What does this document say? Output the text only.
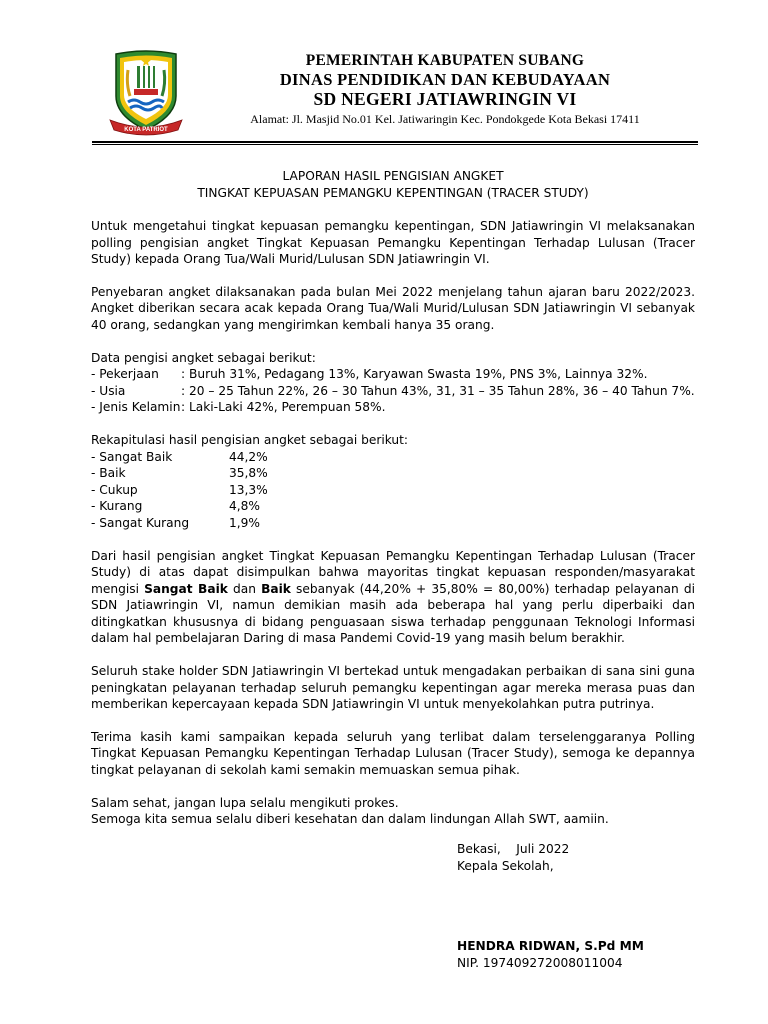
KOTA PATRIOT
PEMERINTAH KABUPATEN SUBANG
DINAS PENDIDIKAN DAN KEBUDAYAAN
SD NEGERI JATIAWRINGIN VI
Alamat: Jl. Masjid No.01 Kel. Jatiwaringin Kec. Pondokgede Kota Bekasi 17411
LAPORAN HASIL PENGISIAN ANGKET
TINGKAT KEPUASAN PEMANGKU KEPENTINGAN (TRACER STUDY)
Untuk mengetahui tingkat kepuasan pemangku kepentingan, SDN Jatiawringin VI melaksanakan polling pengisian angket Tingkat Kepuasan Pemangku Kepentingan Terhadap Lulusan (Tracer Study) kepada Orang Tua/Wali Murid/Lulusan SDN Jatiawringin VI.
Penyebaran angket dilaksanakan pada bulan Mei 2022 menjelang tahun ajaran baru 2022/2023. Angket diberikan secara acak kepada Orang Tua/Wali Murid/Lulusan SDN Jatiawringin VI sebanyak 40 orang, sedangkan yang mengirimkan kembali hanya 35 orang.
Data pengisi angket sebagai berikut:
- Pekerjaan	: Buruh 31%, Pedagang 13%, Karyawan Swasta 19%, PNS 3%, Lainnya 32%.
- Usia	: 20 – 25 Tahun 22%, 26 – 30 Tahun 43%, 31, 31 – 35 Tahun 28%, 36 – 40 Tahun 7%.
- Jenis Kelamin : Laki-Laki 42%, Perempuan 58%.
Rekapitulasi hasil pengisian angket sebagai berikut:
- Sangat Baik	44,2%
- Baik	35,8%
- Cukup	13,3%
- Kurang	4,8%
- Sangat Kurang	1,9%
Dari hasil pengisian angket Tingkat Kepuasan Pemangku Kepentingan Terhadap Lulusan (Tracer Study) di atas dapat disimpulkan bahwa mayoritas tingkat kepuasan responden/masyarakat mengisi Sangat Baik dan Baik sebanyak (44,20% + 35,80% = 80,00%) terhadap pelayanan di SDN Jatiawringin VI, namun demikian masih ada beberapa hal yang perlu diperbaiki dan ditingkatkan khususnya di bidang penguasaan siswa terhadap penggunaan Teknologi Informasi dalam hal pembelajaran Daring di masa Pandemi Covid-19 yang masih belum berakhir.
Seluruh stake holder SDN Jatiawringin VI bertekad untuk mengadakan perbaikan di sana sini guna peningkatan pelayanan terhadap seluruh pemangku kepentingan agar mereka merasa puas dan memberikan kepercayaan kepada SDN Jatiawringin VI untuk menyekolahkan putra putrinya.
Terima kasih kami sampaikan kepada seluruh yang terlibat dalam terselenggaranya Polling Tingkat Kepuasan Pemangku Kepentingan Terhadap Lulusan (Tracer Study), semoga ke depannya tingkat pelayanan di sekolah kami semakin memuaskan semua pihak.
Salam sehat, jangan lupa selalu mengikuti prokes.
Semoga kita semua selalu diberi kesehatan dan dalam lindungan Allah SWT, aamiin.
Bekasi,    Juli 2022
Kepala Sekolah,
HENDRA RIDWAN, S.Pd MM
NIP. 197409272008011004
